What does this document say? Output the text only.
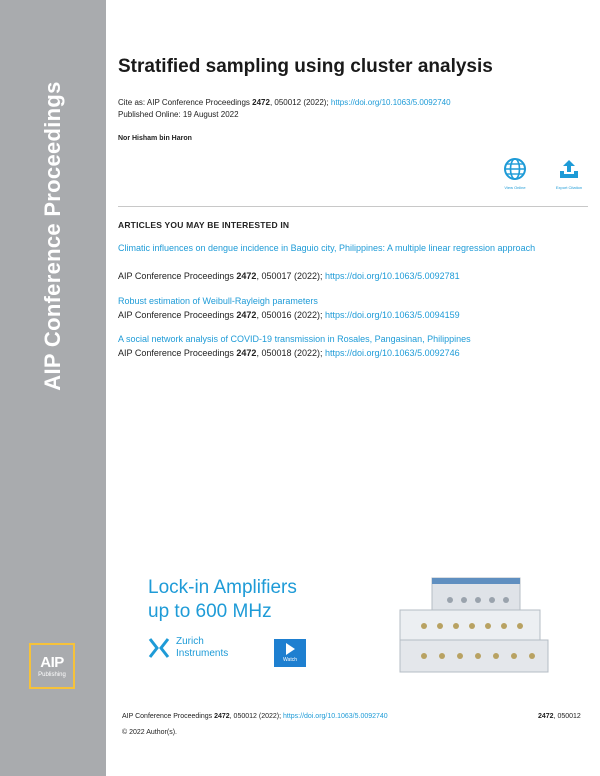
AIP Conference Proceedings
AIP
Publishing
Stratified sampling using cluster analysis
Cite as: AIP Conference Proceedings 2472, 050012 (2022); https://doi.org/10.1063/5.0092740
Published Online: 19 August 2022
Nor Hisham bin Haron
View Online	Export Citation
ARTICLES YOU MAY BE INTERESTED IN
Climatic influences on dengue incidence in Baguio city, Philippines: A multiple linear regression approach
AIP Conference Proceedings 2472, 050017 (2022); https://doi.org/10.1063/5.0092781
Robust estimation of Weibull-Rayleigh parameters
AIP Conference Proceedings 2472, 050016 (2022); https://doi.org/10.1063/5.0094159
A social network analysis of COVID-19 transmission in Rosales, Pangasinan, Philippines
AIP Conference Proceedings 2472, 050018 (2022); https://doi.org/10.1063/5.0092746
Lock-in Amplifiers
up to 600 MHz
Zurich
Instruments
Watch
AIP Conference Proceedings 2472, 050012 (2022); https://doi.org/10.1063/5.0092740	2472, 050012
© 2022 Author(s).
